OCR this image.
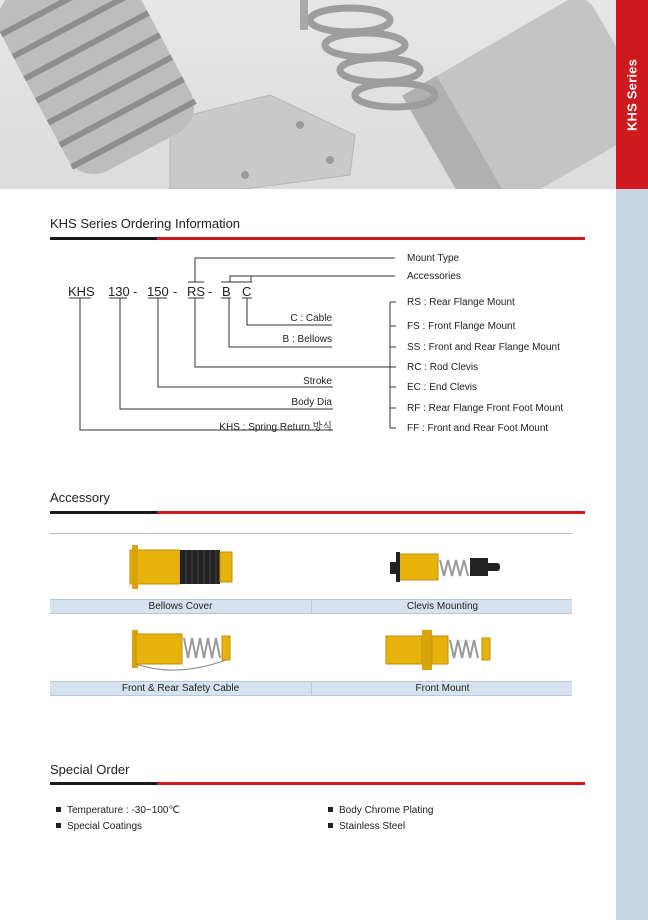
KHS Series
KHS Series Ordering Information
KHS 130 - 150 - RS - B C
C : Cable
B : Bellows
Stroke
Body Dia
KHS : Spring Return 방식
Mount Type
Accessories
RS : Rear Flange Mount
FS : Front Flange Mount
SS : Front and Rear Flange Mount
RC : Rod Clevis
EC : End Clevis
RF : Rear Flange Front Foot Mount
FF : Front and Rear Foot Mount
Accessory
Bellows Cover	Clevis Mounting
Front & Rear Safety Cable	Front Mount
Special Order
Temperature : -30~100℃	Body Chrome Plating
Special Coatings	Stainless Steel
